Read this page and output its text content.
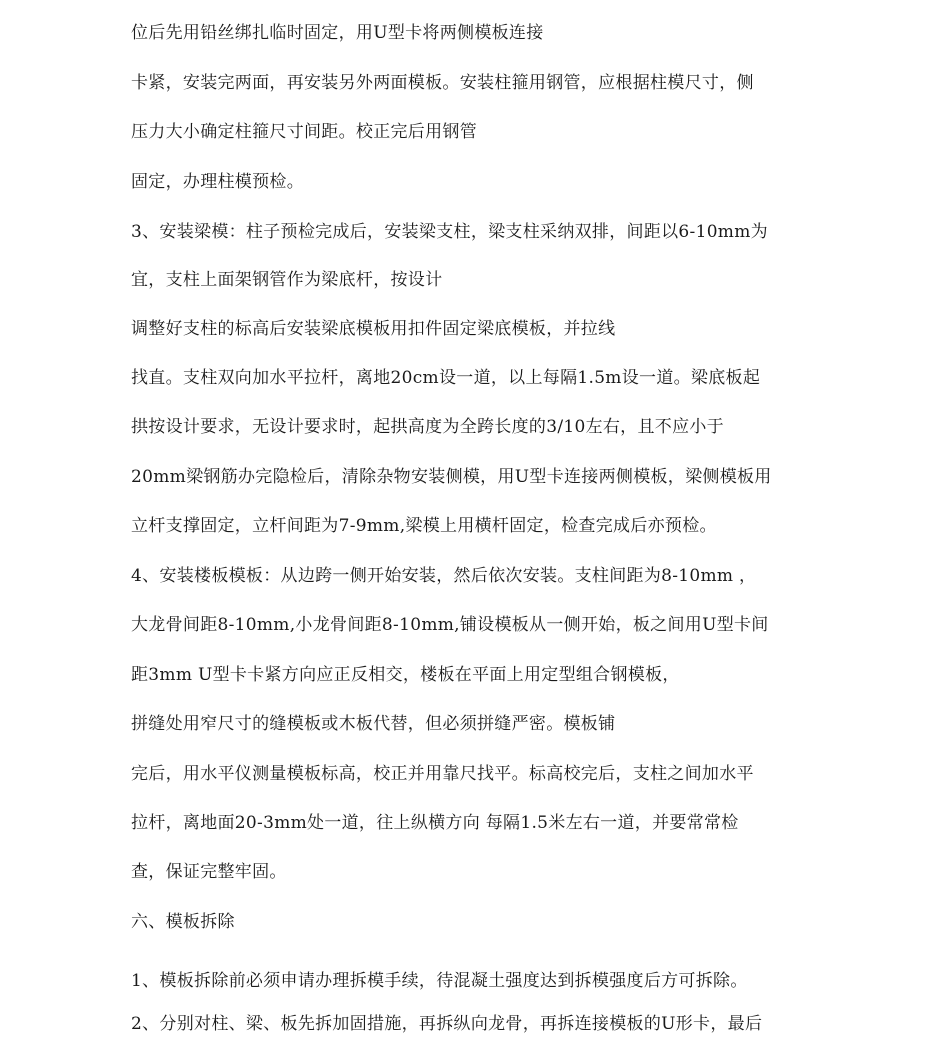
位后先用铅丝绑扎临时固定，用U型卡将两侧模板连接
卡紧，安装完两面，再安装另外两面模板。安装柱箍用钢管，应根据柱模尺寸，侧
压力大小确定柱箍尺寸间距。校正完后用钢管
固定，办理柱模预检。
3、安装梁模：柱子预检完成后，安装梁支柱，梁支柱采纳双排，间距以6-10mm为
宜，支柱上面架钢管作为梁底杆，按设计
调整好支柱的标高后安装梁底模板用扣件固定梁底模板，并拉线
找直。支柱双向加水平拉杆，离地20cm设一道，以上每隔1.5m设一道。梁底板起
拱按设计要求，无设计要求时，起拱高度为全跨长度的3/10左右，且不应小于
20mm梁钢筋办完隐检后，清除杂物安装侧模，用U型卡连接两侧模板，梁侧模板用
立杆支撑固定，立杆间距为7-9mm,梁模上用横杆固定，检查完成后亦预检。
4、安装楼板模板：从边跨一侧开始安装，然后依次安装。支柱间距为8-10mm ，
大龙骨间距8-10mm,小龙骨间距8-10mm,铺设模板从一侧开始，板之间用U型卡间
距3mm U型卡卡紧方向应正反相交，楼板在平面上用定型组合钢模板，
拼缝处用窄尺寸的缝模板或木板代替，但必须拼缝严密。模板铺
完后，用水平仪测量模板标高，校正并用靠尺找平。标高校完后，支柱之间加水平
拉杆，离地面20-3mm处一道，往上纵横方向 每隔1.5米左右一道，并要常常检
查，保证完整牢固。
六、模板拆除
1、模板拆除前必须申请办理拆模手续，待混凝土强度达到拆模强度后方可拆除。
2、分别对柱、梁、板先拆加固措施，再拆纵向龙骨，再拆连接模板的U形卡，最后
